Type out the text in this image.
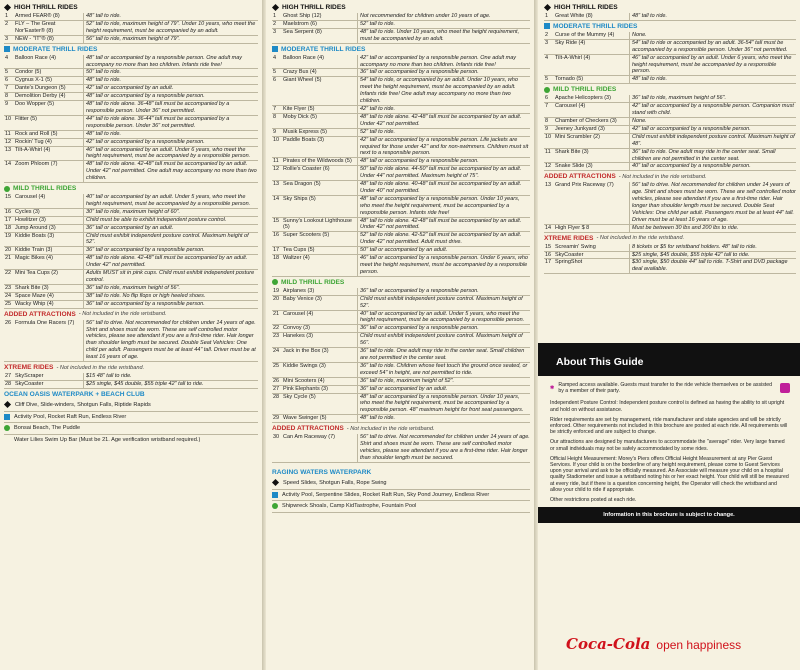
HIGH THRILL RIDES
1	Armed FEAR® (8)	48" tall to ride.
2	FLY – The Great Nor'Easter® (8)
52" tall to ride, maximum height of 79". Under 10 years, who meet the height requirement, must be accompanied by an adult.
3	NEW - "IT"® (8)	56" tall to ride, maximum height of 79".
MODERATE THRILL RIDES
4	Balloon Race (4)	48" tall or accompanied by a responsible person. One adult may accompany no more than two children. Infants ride free!
5	Condor (5)	50" tall to ride.
6	Cygnus X-1 (5)	48" tall to ride.
7	Dante's Dungeon (5)	42" tall or accompanied by an adult.
8	Demolition Derby (4)	48" tall or accompanied by a responsible person.
9	Doo Wopper (5)	48" tall to ride alone. 36-48" tall must be accompanied by a responsible person. Under 36" not permitted.
10 Flitter (5)	44" tall to ride alone. 36-44" tall must be accompanied by a responsible person. Under 36" not permitted.
11 Rock and Roll (5)	48" tall to ride.
12 Rockin' Tug (4)	42" tall or accompanied by a responsible person.
13 Tilt-A-Whirl (4)	46" tall or accompanied by an adult. Under 6 years, who meet the height requirement, must be accompanied by a responsible person.
14 Zoom Phloom (7)	48" tall to ride alone. 42-48" tall must be accompanied by an adult. Under 42" not permitted. One adult may accompany no more than two children.
MILD THRILL RIDES
15 Carousel (4)	40" tall or accompanied by an adult. Under 5 years, who meet the height requirement, must be accompanied by a responsible person.
16 Cycles (3)	30" tall to ride, maximum height of 60".
17 Howlitzer (3)	Child must be able to exhibit independent posture control.
18 Jump Around (3)	36" tall or accompanied by an adult.
19 Kiddie Boats (3)	Child must exhibit independent posture control. Maximum height of 52".
20 Kiddie Train (3)	36" tall or accompanied by a responsible person.
21 Magic Bikes (4)	48" tall to ride alone. 42-48" tall must be accompanied by an adult. Under 42" not permitted.
22 Mini Tea Cups (2)	Adults MUST sit in pink cups. Child must exhibit independent posture control.
23 Shark Bite (3)	36" tall to ride, maximum height of 56".
24 Space Maze (4)	38" tall to ride. No flip flops or high heeled shoes.
25 Wacky Whip (4)	36" tall or accompanied by a responsible person.
ADDED ATTRACTIONS - Not included in the ride wristband.
26 Formula One Racers (7)	56" tall to drive. Not recommended for children under 14 years of age. Shirt and shoes must be worn. These are self controlled motor vehicles, please see attendant if you are a first-time rider. Hair longer than shoulder length must be secured. Double Seat Vehicles: One child per adult. Passengers must be at least 44" tall. Driver must be at least 16 years of age.
XTREME RIDES - Not included in the ride wristband.
27 SkyScraper	$15 48" tall to ride.
28 SkyCoaster	$25 single, $45 double, $55 triple 42" tall to ride.
OCEAN OASIS WATERPARK + BEACH CLUB
Cliff Dive, Slide-winders, Shotgun Falls, Riptide Rapids
Activity Pool, Rocket Raft Run, Endless River
Bonsai Beach, The Puddle
Water Lilies Swim Up Bar (Must be 21. Age verification wristband required.)
HIGH THRILL RIDES
1	Ghost Ship (12)	Not recommended for children under 10 years of age.
2	Maelstrom (6)	52" tall to ride.
3	Sea Serpent (8)	48" tall to ride. Under 10 years, who meet the height requirement, must be accompanied by an adult.
MODERATE THRILL RIDES
4	Balloon Race (4)	42" tall or accompanied by a responsible person. One adult may accompany no more than two children. Infants ride free!
5	Crazy Bus (4)	36" tall or accompanied by a responsible person.
6	Giant Wheel (5)	54" tall to ride, or accompanied by an adult. Under 10 years, who meet the height requirement, must be accompanied by an adult. Infants ride free! One adult may accompany no more than two children.
7	Kite Flyer (5)	42" tall to ride.
8	Moby Dick (5)	48" tall to ride alone. 42-48" tall must be accompanied by an adult. Under 42" not permitted.
9	Musik Express (5)	52" tall to ride.
10 Paddle Boats (3)	42" tall or accompanied by a responsible person. Life jackets are required for those under 42" and for non-swimmers. Children must sit next to a responsible person.
11 Pirates of the Wildwoods (5)	48" tall or accompanied by a responsible person.
12 Rollie's Coaster (6)	50" tall to ride alone. 44-50" tall must be accompanied by an adult. Under 44" not permitted. Maximum height of 75".
13 Sea Dragon (5)	48" tall to ride alone. 40-48" tall must be accompanied by an adult. Under 40" not permitted.
14 Sky Ships (5)	48" tall or accompanied by a responsible person. Under 10 years, who meet the height requirement, must be accompanied by a responsible person. Infants ride free!
15 Sunny's Lookout Lighthouse (5)
48" tall to ride alone. 42-48" tall must be accompanied by an adult. Under 42" not permitted.
16 Super Scooters (5)	52" tall to ride alone. 42-52" tall must be accompanied by an adult. Under 42" not permitted. Adult must drive.
17 Tea Cups (5)	50" tall or accompanied by an adult.
18 Waltzer (4)	46" tall or accompanied by a responsible person. Under 6 years, who meet the height requirement, must be accompanied by a responsible person.
MILD THRILL RIDES
19 Airplanes (3)	36" tall or accompanied by a responsible person.
20 Baby Venice (3)	Child must exhibit independent posture control. Maximum height of 52".
21 Carousel (4)	40" tall or accompanied by an adult. Under 5 years, who meet the height requirement, must be accompanied by a responsible person.
22 Convoy (3)	36" tall or accompanied by a responsible person.
23 Hanekes (3)	Child must exhibit independent posture control. Maximum height of 56".
24 Jack in the Box (3)	36" tall to ride. One adult may ride in the center seat. Small children are not permitted in the center seat.
25 Kiddie Swings (3)	36" tall to ride. Children whose feet touch the ground once seated, or exceed 54" in height, are not permitted to ride.
26 Mini Scooters (4)	36" tall to ride, maximum height of 52".
27 Pink Elephants (3)	36" tall or accompanied by an adult.
28 Sky Cycle (5)	48" tall or accompanied by a responsible person. Under 10 years, who meet the height requirement, must be accompanied by a responsible person. 48" maximum height for front seat passengers.
29 Wave Swinger (5)	48" tall to ride.
ADDED ATTRACTIONS - Not included in the ride wristband.
30 Can Am Raceway (7)	56" tall to drive. Not recommended for children under 14 years of age. Shirt and shoes must be worn. These are self controlled motor vehicles, please see attendant if you are a first-time rider. Hair longer than shoulder length must be secured.
RAGING WATERS WATERPARK
Speed Slides, Shotgun Falls, Rope Swing
Activity Pool, Serpentine Slides, Rocket Raft Run, Sky Pond Journey, Endless River
Shipwreck Shoals, Camp KidTastrophe, Fountain Pool
HIGH THRILL RIDES
1	Great White (8)	48" tall to ride.
MODERATE THRILL RIDES
2	Curse of the Mummy (4)	None.
3	Sky Ride (4)	54" tall to ride or accompanied by an adult. 36-54" tall must be accompanied by a responsible person. Under 36" not permitted.
4	Tilt-A-Whirl (4)	46" tall or accompanied by an adult. Under 6 years, who meet the height requirement, must be accompanied by a responsible person.
5	Tornado (5)	48" tall to ride.
MILD THRILL RIDES
6	Apache Helicopters (3)	36" tall to ride, maximum height of 56".
7	Carousel (4)	42" tall or accompanied by a responsible person. Companion must stand with child.
8	Chamber of Checkers (3)	None.
9	Jeeney Junkyard (3)	42" tall or accompanied by a responsible person.
10 Mini Scrambler (2)	Child must exhibit independent posture control. Maximum height of 48".
11 Shark Bite (3)	36" tall to ride. One adult may ride in the center seat. Small children are not permitted in the center seat.
12 Snake Slide (3)	40" tall or accompanied by a responsible person.
ADDED ATTRACTIONS - Not included in the ride wristband.
13 Grand Prix Raceway (7)	56" tall to drive. Not recommended for children under 14 years of age. Shirt and shoes must be worn. These are self controlled motor vehicles, please see attendant if you are a first-time rider. Hair longer than shoulder length must be secured. Double Seat Vehicles: One child per adult. Passengers must be at least 44" tall. Driver must be at least 16 years of age.
14 High Flyer $ 8	Must be between 30 lbs and 200 lbs to ride.
XTREME RIDES - Not included in the ride wristband.
15 Screamin' Swing	8 tickets or $5 for wristband holders. 48" tall to ride.
16 SkyCoaster	$25 single, $45 double, $55 triple 42" tall to ride.
17 SpringShot	$30 single, $50 double 44" tall to ride. T-Shirt and DVD package deal available.
About This Guide
✱
Ramped access available. Guests must transfer to the ride vehicle themselves or be assisted by a member of their party.

Independent Posture Control: Independent posture control is defined as having the ability to sit upright and hold on without assistance.

Rider requirements are set by management, ride manufacturer and state agencies and will be strictly enforced. Other requirements not included in this brochure are posted at each ride. All requirements will be strictly enforced and are subject to change.

Our attractions are designed by manufacturers to accommodate the "average" rider. Very large framed or small individuals may not be safely accommodated by some rides.

Official Height Measurement: Morey's Piers offers Official Height Measurement at any Pier Guest Services. If your child is on the borderline of any height requirement, please come to Guest Services upon your arrival and ask to be officially measured. An Associate will measure your child on a hospital quality Stadiometer and issue a wristband noting his or her exact height. Your child will still be measured at every ride, but if there is a question concerning height, the Operator will check the wristband and allow your child to ride if appropriate.

Other restrictions posted at each ride.

Information in this brochure is subject to change.
Coca-Cola open happiness
